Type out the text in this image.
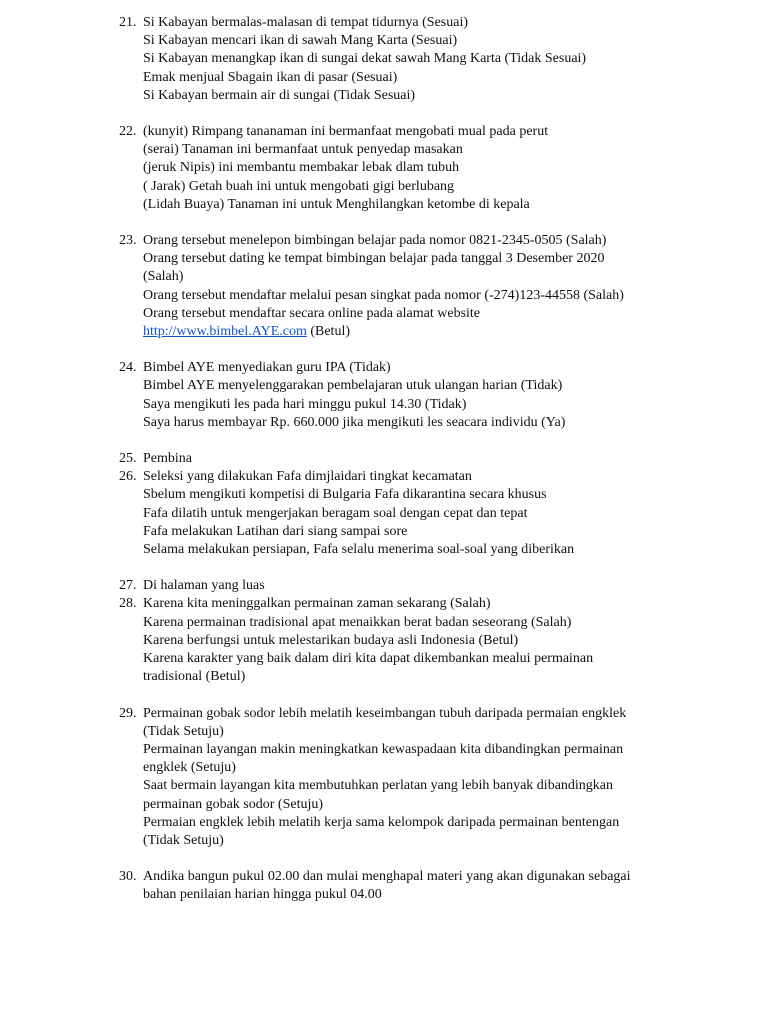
21. Si Kabayan bermalas-malasan di tempat tidurnya (Sesuai)
Si Kabayan mencari ikan di sawah Mang Karta (Sesuai)
Si Kabayan menangkap ikan di sungai dekat sawah Mang Karta (Tidak Sesuai)
Emak menjual Sbagain ikan di pasar (Sesuai)
Si Kabayan bermain air di sungai (Tidak Sesuai)
22. (kunyit) Rimpang tananaman ini bermanfaat mengobati mual pada perut
(serai) Tanaman ini bermanfaat untuk penyedap masakan
(jeruk Nipis) ini membantu membakar lebak dlam tubuh
( Jarak) Getah buah ini untuk mengobati gigi berlubang
(Lidah Buaya) Tanaman ini untuk Menghilangkan ketombe di kepala
23. Orang tersebut menelepon bimbingan belajar pada nomor 0821-2345-0505 (Salah)
Orang tersebut dating ke tempat bimbingan belajar pada tanggal 3 Desember 2020
(Salah)
Orang tersebut mendaftar melalui pesan singkat pada nomor (-274)123-44558 (Salah)
Orang tersebut mendaftar secara online pada alamat website
http://www.bimbel.AYE.com (Betul)
24. Bimbel AYE menyediakan guru IPA (Tidak)
Bimbel AYE menyelenggarakan pembelajaran utuk ulangan harian (Tidak)
Saya mengikuti les pada hari minggu pukul 14.30 (Tidak)
Saya harus membayar Rp. 660.000 jika mengikuti les seacara individu (Ya)
25. Pembina
26. Seleksi yang dilakukan Fafa dimjlaidari tingkat kecamatan
Sbelum mengikuti kompetisi di Bulgaria Fafa dikarantina secara khusus
Fafa dilatih untuk mengerjakan beragam soal dengan cepat dan tepat
Fafa melakukan Latihan dari siang sampai sore
Selama melakukan persiapan, Fafa selalu menerima soal-soal yang diberikan
27. Di halaman yang luas
28. Karena kita meninggalkan permainan zaman sekarang (Salah)
Karena permainan tradisional apat menaikkan berat badan seseorang (Salah)
Karena berfungsi untuk melestarikan budaya asli Indonesia (Betul)
Karena karakter yang baik dalam diri kita dapat dikembankan mealui permainan
tradisional (Betul)
29. Permainan gobak sodor lebih melatih keseimbangan tubuh daripada permaian engklek
(Tidak Setuju)
Permainan layangan makin meningkatkan kewaspadaan kita dibandingkan permainan
engklek (Setuju)
Saat bermain layangan kita membutuhkan perlatan yang lebih banyak dibandingkan
permainan gobak sodor (Setuju)
Permaian engklek lebih melatih kerja sama kelompok daripada permainan bentengan
(Tidak Setuju)
30. Andika bangun pukul 02.00 dan mulai menghapal materi yang akan digunakan sebagai
bahan penilaian harian hingga pukul 04.00
